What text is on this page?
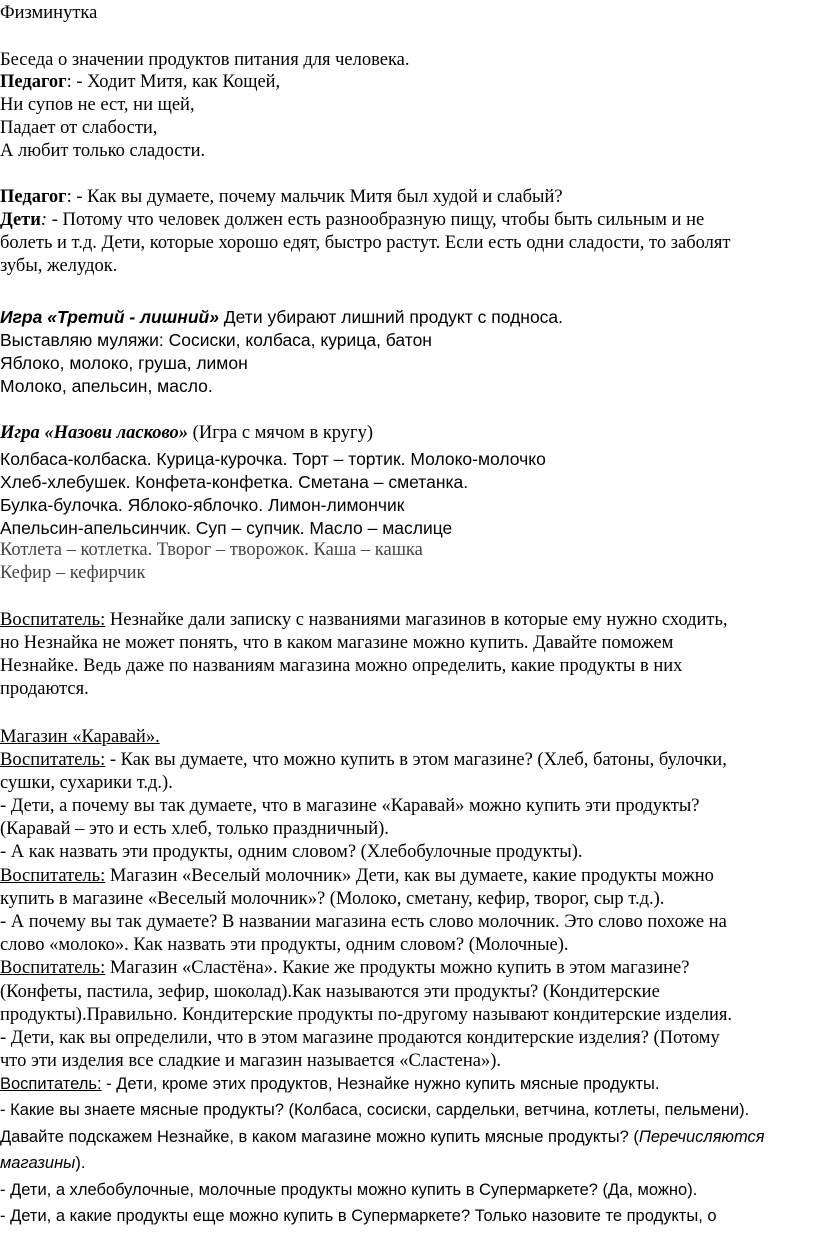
Физминутка
Беседа о значении продуктов питания для человека.
Педагог: - Ходит Митя, как Кощей,
Ни супов не ест, ни щей,
Падает от слабости,
А любит только сладости.
Педагог: - Как вы думаете, почему мальчик Митя был худой и слабый?
Дети: - Потому что человек должен есть разнообразную пищу, чтобы быть сильным и не
болеть и т.д. Дети, которые хорошо едят, быстро растут. Если есть одни сладости, то заболят
зубы, желудок.
Игра «Третий - лишний» Дети убирают лишний продукт с подноса.
Выставляю муляжи: Сосиски, колбаса, курица, батон
Яблоко, молоко, груша, лимон
Молоко, апельсин, масло.
Игра «Назови ласково» (Игра с мячом в кругу)
Колбаса-колбаска. Курица-курочка. Торт – тортик. Молоко-молочко
Хлеб-хлебушек. Конфета-конфетка. Сметана – сметанка.
Булка-булочка. Яблоко-яблочко. Лимон-лимончик
Апельсин-апельсинчик. Суп – супчик. Масло – маслице
Котлета – котлетка. Творог – творожок. Каша – кашка
Кефир – кефирчик
Воспитатель: Незнайке дали записку с названиями магазинов в которые ему нужно сходить,
но Незнайка не может понять, что в каком магазине можно купить. Давайте поможем
Незнайке. Ведь даже по названиям магазина можно определить, какие продукты в них
продаются.
Магазин «Каравай».
Воспитатель: - Как вы думаете, что можно купить в этом магазине? (Хлеб, батоны, булочки,
сушки, сухарики т.д.).
- Дети, а почему вы так думаете, что в магазине «Каравай» можно купить эти продукты?
(Каравай – это и есть хлеб, только праздничный).
- А как назвать эти продукты, одним словом? (Хлебобулочные продукты).
Воспитатель: Магазин «Веселый молочник» Дети, как вы думаете, какие продукты можно
купить в магазине «Веселый молочник»? (Молоко, сметану, кефир, творог, сыр т.д.).
- А почему вы так думаете? В названии магазина есть слово молочник. Это слово похоже на
слово «молоко». Как назвать эти продукты, одним словом? (Молочные).
Воспитатель: Магазин «Сластёна». Какие же продукты можно купить в этом магазине?
(Конфеты, пастила, зефир, шоколад).Как называются эти продукты? (Кондитерские
продукты).Правильно. Кондитерские продукты по-другому называют кондитерские изделия.
- Дети, как вы определили, что в этом магазине продаются кондитерские изделия? (Потому
что эти изделия все сладкие и магазин называется «Сластена»).
Воспитатель: - Дети, кроме этих продуктов, Незнайке нужно купить мясные продукты.
- Какие вы знаете мясные продукты? (Колбаса, сосиски, сардельки, ветчина, котлеты, пельмени).
Давайте подскажем Незнайке, в каком магазине можно купить мясные продукты? (Перечисляются
магазины).
- Дети, а хлебобулочные, молочные продукты можно купить в Супермаркете? (Да, можно).
- Дети, а какие продукты еще можно купить в Супермаркете? Только назовите те продукты, о
